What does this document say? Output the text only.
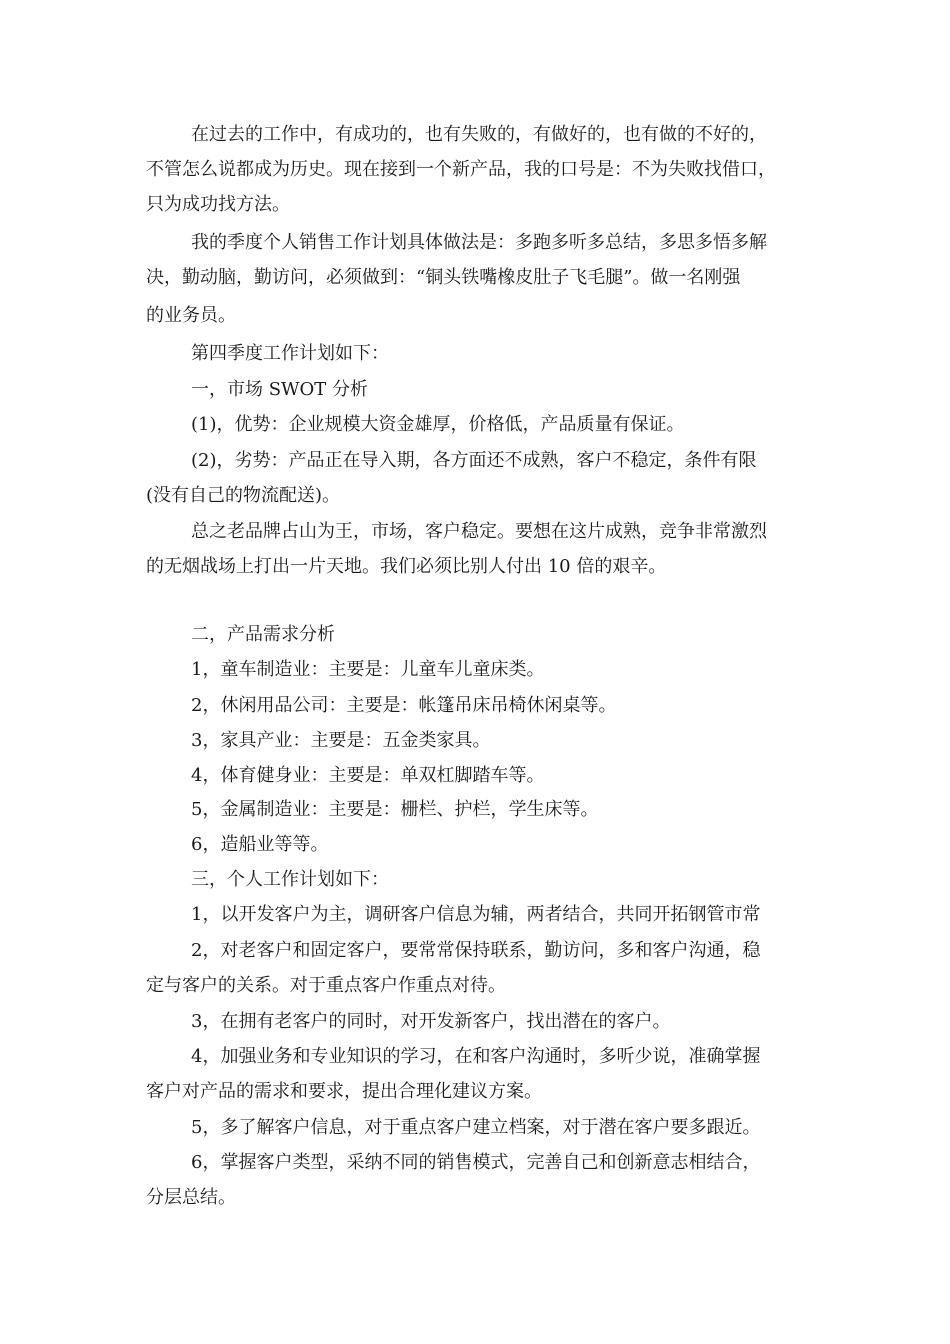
在过去的工作中，有成功的，也有失败的，有做好的，也有做的不好的，
不管怎么说都成为历史。现在接到一个新产品，我的口号是：不为失败找借口，
只为成功找方法。
我的季度个人销售工作计划具体做法是：多跑多听多总结，多思多悟多解
决，勤动脑，勤访问，必须做到：“铜头铁嘴橡皮肚子飞毛腿”。做一名刚强
的业务员。
第四季度工作计划如下：
一，市场 SWOT 分析
(1)，优势：企业规模大资金雄厚，价格低，产品质量有保证。
(2)，劣势：产品正在导入期，各方面还不成熟，客户不稳定，条件有限
(没有自己的物流配送)。
总之老品牌占山为王，市场，客户稳定。要想在这片成熟，竞争非常激烈
的无烟战场上打出一片天地。我们必须比别人付出 10 倍的艰辛。
二，产品需求分析
1，童车制造业：主要是：儿童车儿童床类。
2，休闲用品公司：主要是：帐篷吊床吊椅休闲桌等。
3，家具产业：主要是：五金类家具。
4，体育健身业：主要是：单双杠脚踏车等。
5，金属制造业：主要是：栅栏、护栏，学生床等。
6，造船业等等。
三，个人工作计划如下：
1，以开发客户为主，调研客户信息为辅，两者结合，共同开拓钢管市常
2，对老客户和固定客户，要常常保持联系，勤访问，多和客户沟通，稳
定与客户的关系。对于重点客户作重点对待。
3，在拥有老客户的同时，对开发新客户，找出潜在的客户。
4，加强业务和专业知识的学习，在和客户沟通时，多听少说，准确掌握
客户对产品的需求和要求，提出合理化建议方案。
5，多了解客户信息，对于重点客户建立档案，对于潜在客户要多跟近。
6，掌握客户类型，采纳不同的销售模式，完善自己和创新意志相结合，
分层总结。
